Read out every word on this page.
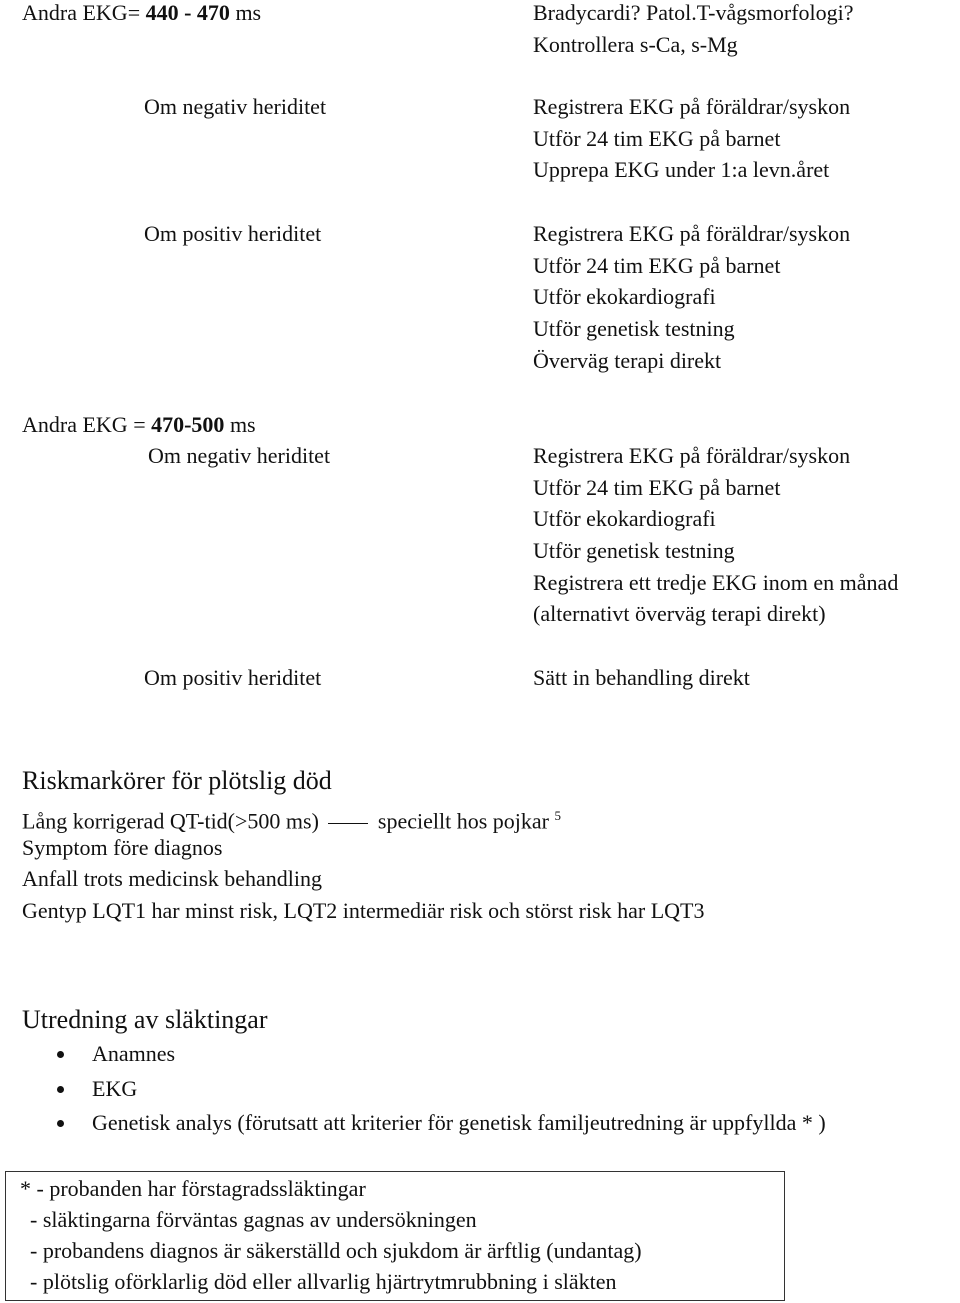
Andra EKG= 440 - 470 ms	Bradycardi? Patol.T-vågsmorfologi?
Kontrollera s-Ca, s-Mg
Om negativ heriditet	Registrera EKG på föräldrar/syskon
Utför 24 tim EKG på barnet
Upprepa EKG under 1:a levn.året
Om positiv heriditet	Registrera EKG på föräldrar/syskon
Utför 24 tim EKG på barnet
Utför ekokardiografi
Utför genetisk testning
Överväg terapi direkt
Andra EKG = 470-500 ms
Om negativ heriditet	Registrera EKG på föräldrar/syskon
Utför 24 tim EKG på barnet
Utför ekokardiografi
Utför genetisk testning
Registrera ett tredje EKG inom en månad
(alternativt överväg terapi direkt)
Om positiv heriditet	Sätt in behandling direkt
Riskmarkörer för plötslig död
Lång korrigerad QT-tid(>500 ms)	speciellt hos pojkar $^5$
Symptom före diagnos
Anfall trots medicinsk behandling
Gentyp LQT1 har minst risk, LQT2 intermediär risk och störst risk har LQT3
Utredning av släktingar
Anamnes
EKG
Genetisk analys (förutsatt att kriterier för genetisk familjeutredning är uppfyllda * )
* - probanden har förstagradssläktingar
- släktingarna förväntas gagnas av undersökningen
- probandens diagnos är säkerställd och sjukdom är ärftlig (undantag)
- plötslig oförklarlig död eller allvarlig hjärtrytmrubbning i släkten
